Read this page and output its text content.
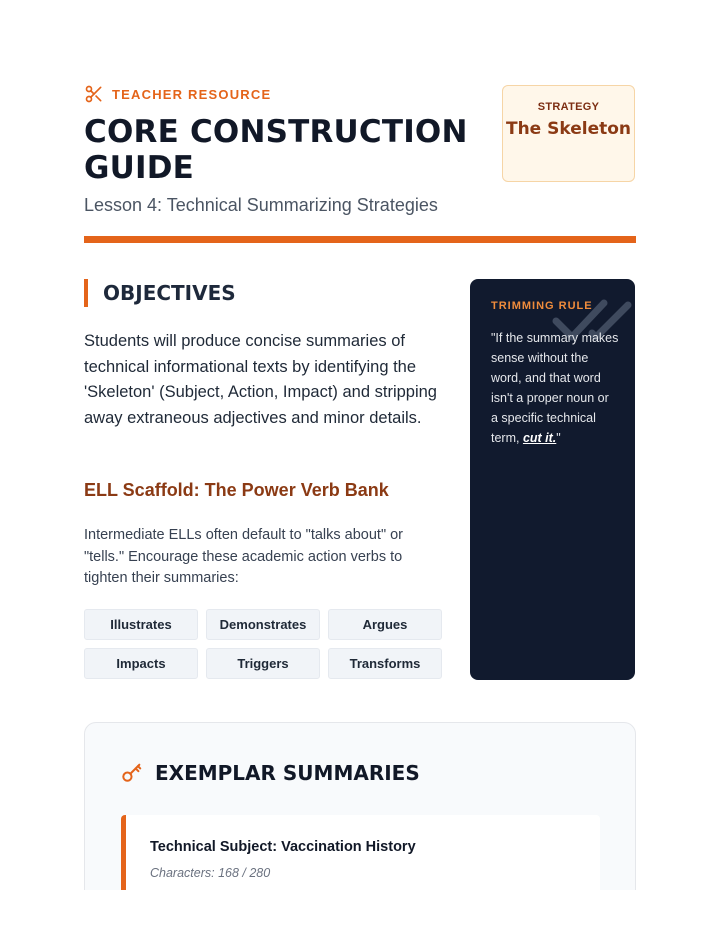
TEACHER RESOURCE
CORE CONSTRUCTION GUIDE
Lesson 4: Technical Summarizing Strategies
STRATEGY
The Skeleton
OBJECTIVES

Students will produce concise summaries of technical informational texts by identifying the 'Skeleton' (Subject, Action, Impact) and stripping away extraneous adjectives and minor details.

ELL Scaffold: The Power Verb Bank

Intermediate ELLs often default to "talks about" or "tells." Encourage these academic action verbs to tighten their summaries:

Illustrates	Demonstrates	Argues
Impacts	Triggers	Transforms
TRIMMING RULE

"If the summary makes sense without the word, and that word isn't a proper noun or a specific technical term, cut it."

EXEMPLAR SUMMARIES
Technical Subject: Vaccination History
Characters: 168 / 280
